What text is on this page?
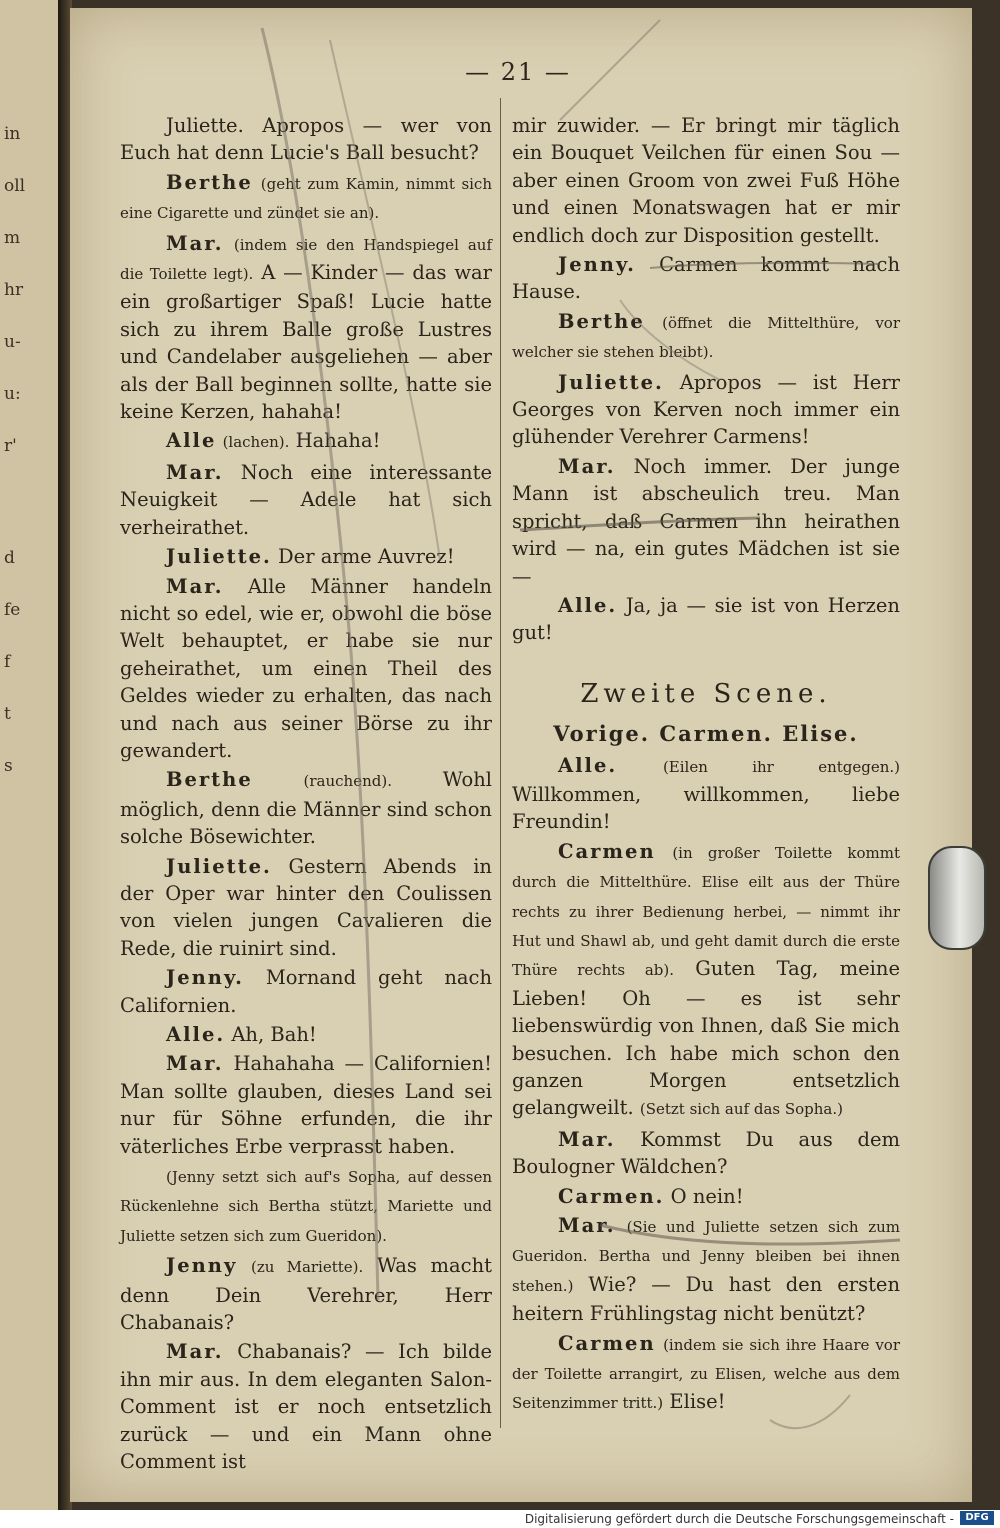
in
oll
m
hr
u-
u:
r'
d
fe
f
t
s
— 21 —

Juliette. Apropos — wer von Euch hat denn Lucie's Ball besucht?

Berthe (geht zum Kamin, nimmt sich eine Cigarette und zündet sie an).

Mar. (indem sie den Handspiegel auf die Toilette legt). A — Kinder — das war ein großartiger Spaß! Lucie hatte sich zu ihrem Balle große Lustres und Candelaber ausgeliehen — aber als der Ball beginnen sollte, hatte sie keine Kerzen, hahaha!

Alle (lachen). Hahaha!

Mar. Noch eine interessante Neuigkeit — Adele hat sich verheirathet.

Juliette. Der arme Auvrez!

Mar. Alle Männer handeln nicht so edel, wie er, obwohl die böse Welt behauptet, er habe sie nur geheirathet, um einen Theil des Geldes wieder zu erhalten, das nach und nach aus seiner Börse zu ihr gewandert.

Berthe	(rauchend).	Wohl möglich, denn die Männer sind schon solche Bösewichter.

Juliette. Gestern Abends in der Oper war hinter den Coulissen von vielen jungen Cavalieren die Rede, die ruinirt sind.

Jenny. Mornand geht nach Californien.

Alle. Ah, Bah!

Mar. Hahahaha — Californien! Man sollte glauben, dieses Land sei nur für Söhne erfunden, die ihr väterliches Erbe verprasst haben.

(Jenny setzt sich auf's Sopha, auf dessen Rückenlehne sich Bertha stützt, Mariette und Juliette setzen sich zum Gueridon).

Jenny (zu Mariette). Was macht denn Dein Verehrer, Herr Chabanais?

Mar. Chabanais? — Ich bilde ihn mir aus. In dem eleganten Salon-Comment ist er noch entsetzlich zurück — und ein Mann ohne Comment ist

mir zuwider. — Er bringt mir täglich ein Bouquet Veilchen für einen Sou — aber einen Groom von zwei Fuß Höhe und einen Monatswagen hat er mir endlich doch zur Disposition gestellt.

Jenny. Carmen kommt nach Hause.

Berthe (öffnet die Mittelthüre, vor welcher sie stehen bleibt).

Juliette. Apropos — ist Herr Georges von Kerven noch immer ein glühender Verehrer Carmens!

Mar. Noch immer. Der junge Mann ist abscheulich treu. Man spricht, daß Carmen ihn heirathen wird — na, ein gutes Mädchen ist sie —

Alle. Ja, ja — sie ist von Herzen gut!

Zweite Scene.
Vorige. Carmen. Elise.

Alle.	(Eilen ihr entgegen.) Willkommen, willkommen, liebe Freundin!

Carmen (in großer Toilette kommt durch die Mittelthüre. Elise eilt aus der Thüre rechts zu ihrer Bedienung herbei, — nimmt ihr Hut und Shawl ab, und geht damit durch die erste Thüre rechts ab). Guten Tag, meine Lieben! Oh — es ist sehr liebenswürdig von Ihnen, daß Sie mich besuchen. Ich habe mich schon den ganzen Morgen entsetzlich gelangweilt. (Setzt sich auf das Sopha.)

Mar. Kommst Du aus dem Boulogner Wäldchen?

Carmen. O nein!

Mar. (Sie und Juliette setzen sich zum Gueridon. Bertha und Jenny bleiben bei ihnen stehen.) Wie? — Du hast den ersten heitern Frühlingstag nicht benützt?

Carmen (indem sie sich ihre Haare vor der Toilette arrangirt, zu Elisen, welche aus dem Seitenzimmer tritt.) Elise!

Digitalisierung gefördert durch die Deutsche Forschungsgemeinschaft -	DFG
